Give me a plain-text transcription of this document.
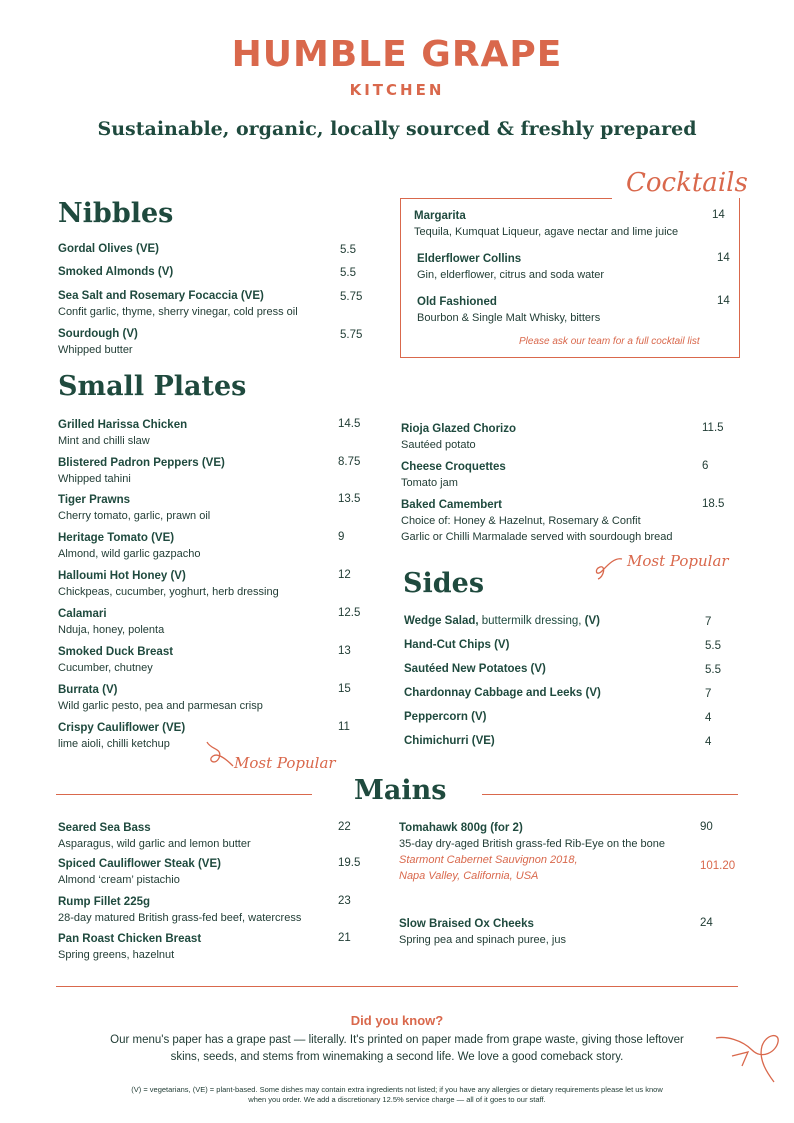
HUMBLE GRAPE
KITCHEN
Sustainable, organic, locally sourced & freshly prepared
Nibbles
Gordal Olives (VE)	5.5
Smoked Almonds (V)	5.5
Sea Salt and Rosemary Focaccia (VE)
Confit garlic, thyme, sherry vinegar, cold press oil
5.75
Sourdough (V)
Whipped butter
5.75
Cocktails
Margarita
Tequila, Kumquat Liqueur, agave nectar and lime juice
14
Elderflower Collins
Gin, elderflower, citrus and soda water
14
Old Fashioned
Bourbon & Single Malt Whisky, bitters
14
Please ask our team for a full cocktail list
Small Plates
Grilled Harissa Chicken
Mint and chilli slaw
14.5
Blistered Padron Peppers (VE)
Whipped tahini
8.75
Tiger Prawns
Cherry tomato, garlic, prawn oil
13.5
Heritage Tomato (VE)
Almond, wild garlic gazpacho
9
Halloumi Hot Honey (V)
Chickpeas, cucumber, yoghurt, herb dressing
12
Calamari
Nduja, honey, polenta
12.5
Smoked Duck Breast
Cucumber, chutney
13
Burrata (V)
Wild garlic pesto, pea and parmesan crisp
15
Crispy Cauliflower (VE)
lime aioli, chilli ketchup
11
Most Popular
Rioja Glazed Chorizo
Sautéed potato
11.5
Cheese Croquettes
Tomato jam
6
Baked Camembert
Choice of: Honey & Hazelnut, Rosemary & Confit
Garlic or Chilli Marmalade served with sourdough bread
18.5
Most Popular
Sides
Wedge Salad, buttermilk dressing, (V)	7
Hand-Cut Chips (V)	5.5
Sautéed New Potatoes (V)	5.5
Chardonnay Cabbage and Leeks (V)	7
Peppercorn (V)	4
Chimichurri (VE)	4
Mains
Seared Sea Bass
Asparagus, wild garlic and lemon butter
22
Spiced Cauliflower Steak (VE)
Almond ‘cream’ pistachio
19.5
Rump Fillet 225g
28-day matured British grass-fed beef, watercress
23
Pan Roast Chicken Breast
Spring greens, hazelnut
21
Tomahawk 800g (for 2)
35-day dry-aged British grass-fed Rib-Eye on the bone
Starmont Cabernet Sauvignon 2018,
Napa Valley, California, USA
90
101.20
Slow Braised Ox Cheeks
Spring pea and spinach puree, jus
24
Did you know?
Our menu's paper has a grape past — literally. It's printed on paper made from grape waste, giving those leftover skins, seeds, and stems from winemaking a second life. We love a good comeback story.
(V) = vegetarians, (VE) = plant-based. Some dishes may contain extra ingredients not listed; if you have any allergies or dietary requirements please let us know when you order. We add a discretionary 12.5% service charge — all of it goes to our staff.
